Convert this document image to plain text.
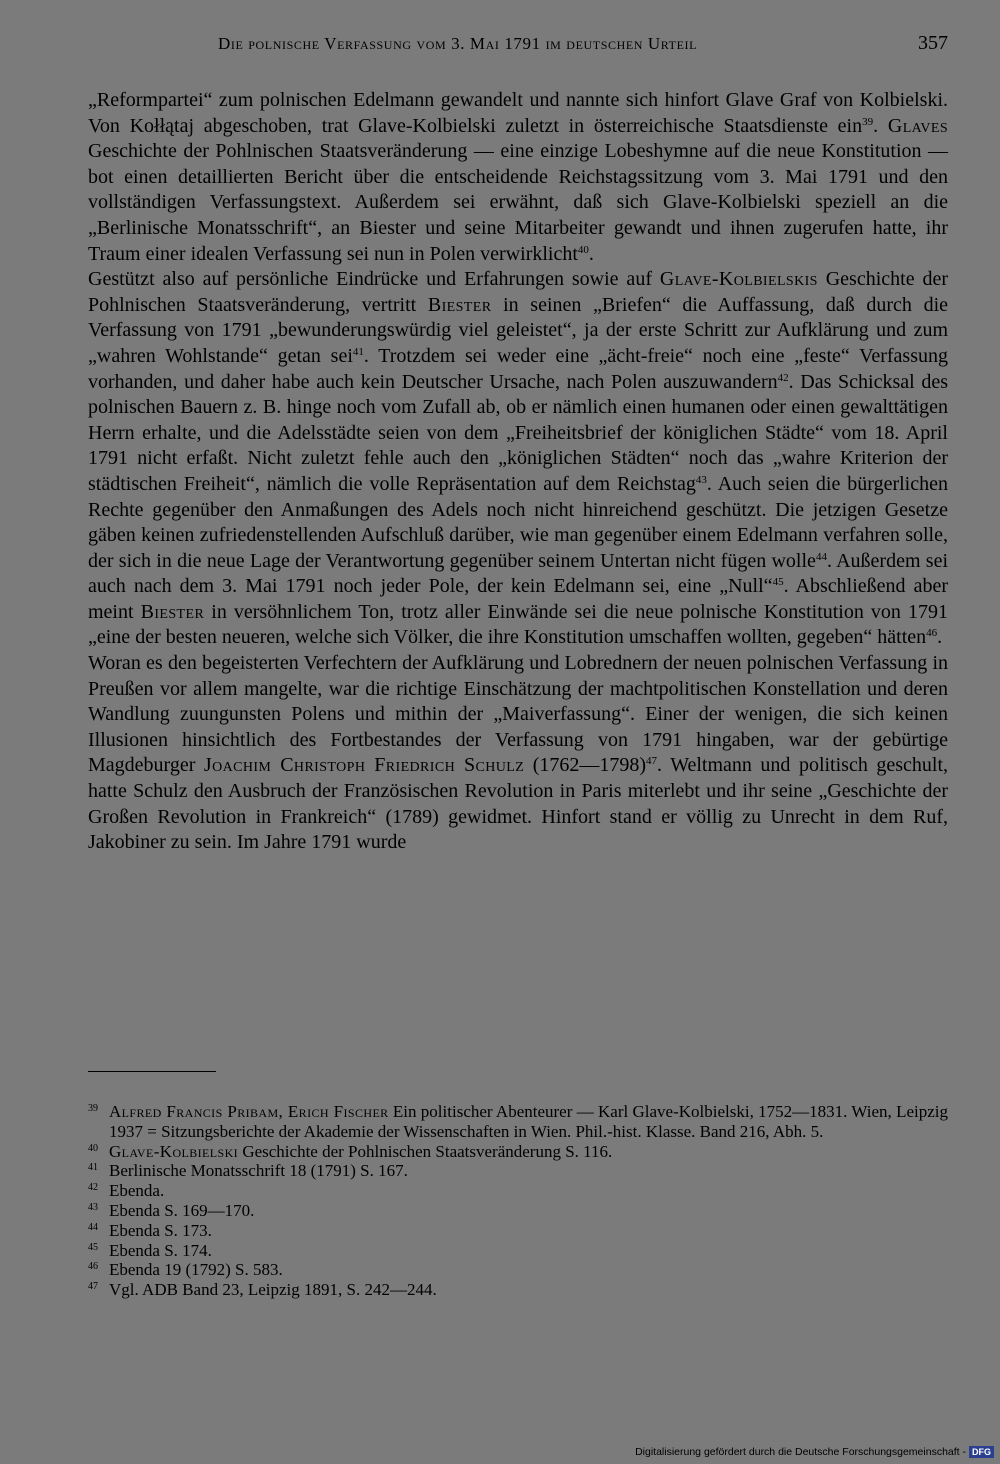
Die polnische Verfassung vom 3. Mai 1791 im deutschen Urteil	357

„Reformpartei“ zum polnischen Edelmann gewandelt und nannte sich hinfort Glave Graf von Kolbielski. Von Kołłątaj abgeschoben, trat Glave-Kolbielski zuletzt in österreichische Staatsdienste ein$^{39}$. Glaves Geschichte der Pohlnischen Staatsveränderung — eine einzige Lobeshymne auf die neue Konstitution — bot einen detaillierten Bericht über die entscheidende Reichstagssitzung vom 3. Mai 1791 und den vollständigen Verfassungstext. Außerdem sei erwähnt, daß sich Glave-Kolbielski speziell an die „Berlinische Monatsschrift“, an Biester und seine Mitarbeiter gewandt und ihnen zugerufen hatte, ihr Traum einer idealen Verfassung sei nun in Polen verwirklicht$^{40}$.

Gestützt also auf persönliche Eindrücke und Erfahrungen sowie auf Glave-Kolbielskis Geschichte der Pohlnischen Staatsveränderung, vertritt Biester in seinen „Briefen“ die Auffassung, daß durch die Verfassung von 1791 „bewunderungswürdig viel geleistet“, ja der erste Schritt zur Aufklärung und zum „wahren Wohlstande“ getan sei$^{41}$. Trotzdem sei weder eine „ächt-freie“ noch eine „feste“ Verfassung vorhanden, und daher habe auch kein Deutscher Ursache, nach Polen auszuwandern$^{42}$. Das Schicksal des polnischen Bauern z. B. hinge noch vom Zufall ab, ob er nämlich einen humanen oder einen gewalttätigen Herrn erhalte, und die Adelsstädte seien von dem „Freiheitsbrief der königlichen Städte“ vom 18. April 1791 nicht erfaßt. Nicht zuletzt fehle auch den „königlichen Städten“ noch das „wahre Kriterion der städtischen Freiheit“, nämlich die volle Repräsentation auf dem Reichstag$^{43}$. Auch seien die bürgerlichen Rechte gegenüber den Anmaßungen des Adels noch nicht hinreichend geschützt. Die jetzigen Gesetze gäben keinen zufriedenstellenden Aufschluß darüber, wie man gegenüber einem Edelmann verfahren solle, der sich in die neue Lage der Verantwortung gegenüber seinem Untertan nicht fügen wolle$^{44}$. Außerdem sei auch nach dem 3. Mai 1791 noch jeder Pole, der kein Edelmann sei, eine „Null“$^{45}$. Abschließend aber meint Biester in versöhnlichem Ton, trotz aller Einwände sei die neue polnische Konstitution von 1791 „eine der besten neueren, welche sich Völker, die ihre Konstitution umschaffen wollten, gegeben“ hätten$^{46}$.

Woran es den begeisterten Verfechtern der Aufklärung und Lobrednern der neuen polnischen Verfassung in Preußen vor allem mangelte, war die richtige Einschätzung der machtpolitischen Konstellation und deren Wandlung zuungunsten Polens und mithin der „Maiverfassung“. Einer der wenigen, die sich keinen Illusionen hinsichtlich des Fortbestandes der Verfassung von 1791 hingaben, war der gebürtige Magdeburger Joachim Christoph Friedrich Schulz (1762—1798)$^{47}$. Weltmann und politisch geschult, hatte Schulz den Ausbruch der Französischen Revolution in Paris miterlebt und ihr seine „Geschichte der Großen Revolution in Frankreich“ (1789) gewidmet. Hinfort stand er völlig zu Unrecht in dem Ruf, Jakobiner zu sein. Im Jahre 1791 wurde

39 Alfred Francis Pribam, Erich Fischer Ein politischer Abenteurer — Karl Glave-Kolbielski, 1752—1831. Wien, Leipzig 1937 = Sitzungsberichte der Akademie der Wissenschaften in Wien. Phil.-hist. Klasse. Band 216, Abh. 5.
40 Glave-Kolbielski Geschichte der Pohlnischen Staatsveränderung S. 116.
41 Berlinische Monatsschrift 18 (1791) S. 167.
42 Ebenda.
43 Ebenda S. 169—170.
44 Ebenda S. 173.
45 Ebenda S. 174.
46 Ebenda 19 (1792) S. 583.
47 Vgl. ADB Band 23, Leipzig 1891, S. 242—244.
Digitalisierung gefördert durch die Deutsche Forschungsgemeinschaft - DFG
